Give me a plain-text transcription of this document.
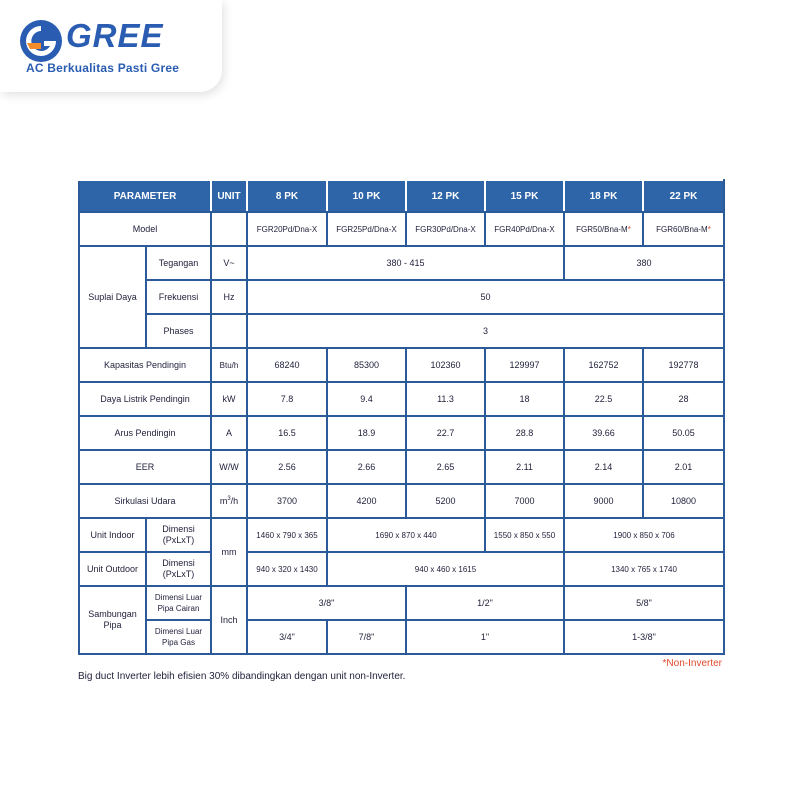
GREE
AC Berkualitas Pasti Gree
PARAMETER		UNIT	8 PK	10 PK	12 PK	15 PK	18 PK	22 PK
Model			FGR20Pd/Dna-X	FGR25Pd/Dna-X	FGR30Pd/Dna-X	FGR40Pd/Dna-X	FGR50/Bna-M*	FGR60/Bna-M*
Suplai Daya	Tegangan	V~	380 - 415				380	
	Frekuensi	Hz	50					
	Phases		3					
Kapasitas Pendingin		Btu/h	68240	85300	102360	129997	162752	192778
Daya Listrik Pendingin		kW	7.8	9.4	11.3	18	22.5	28
Arus Pendingin		A	16.5	18.9	22.7	28.8	39.66	50.05
EER		W/W	2.56	2.66	2.65	2.11	2.14	2.01
Sirkulasi Udara		$m^3/h$	3700	4200	5200	7000	9000	10800
Unit Indoor	Dimensi (PxLxT)	mm	1460 x 790 x 365	1690 x 870 x 440		1550 x 850 x 550	1900 x 850 x 706	
Unit Outdoor	Dimensi (PxLxT)		940 x 320 x 1430	940 x 460 x 1615			1340 x 765 x 1740	
Sambungan Pipa	Dimensi Luar Pipa Cairan	Inch	3/8"		1/2"		5/8"	
	Dimensi Luar Pipa Gas		3/4"	7/8"	1"		1-3/8"	
*Non-Inverter
Big duct Inverter lebih efisien 30% dibandingkan dengan unit non-Inverter.
